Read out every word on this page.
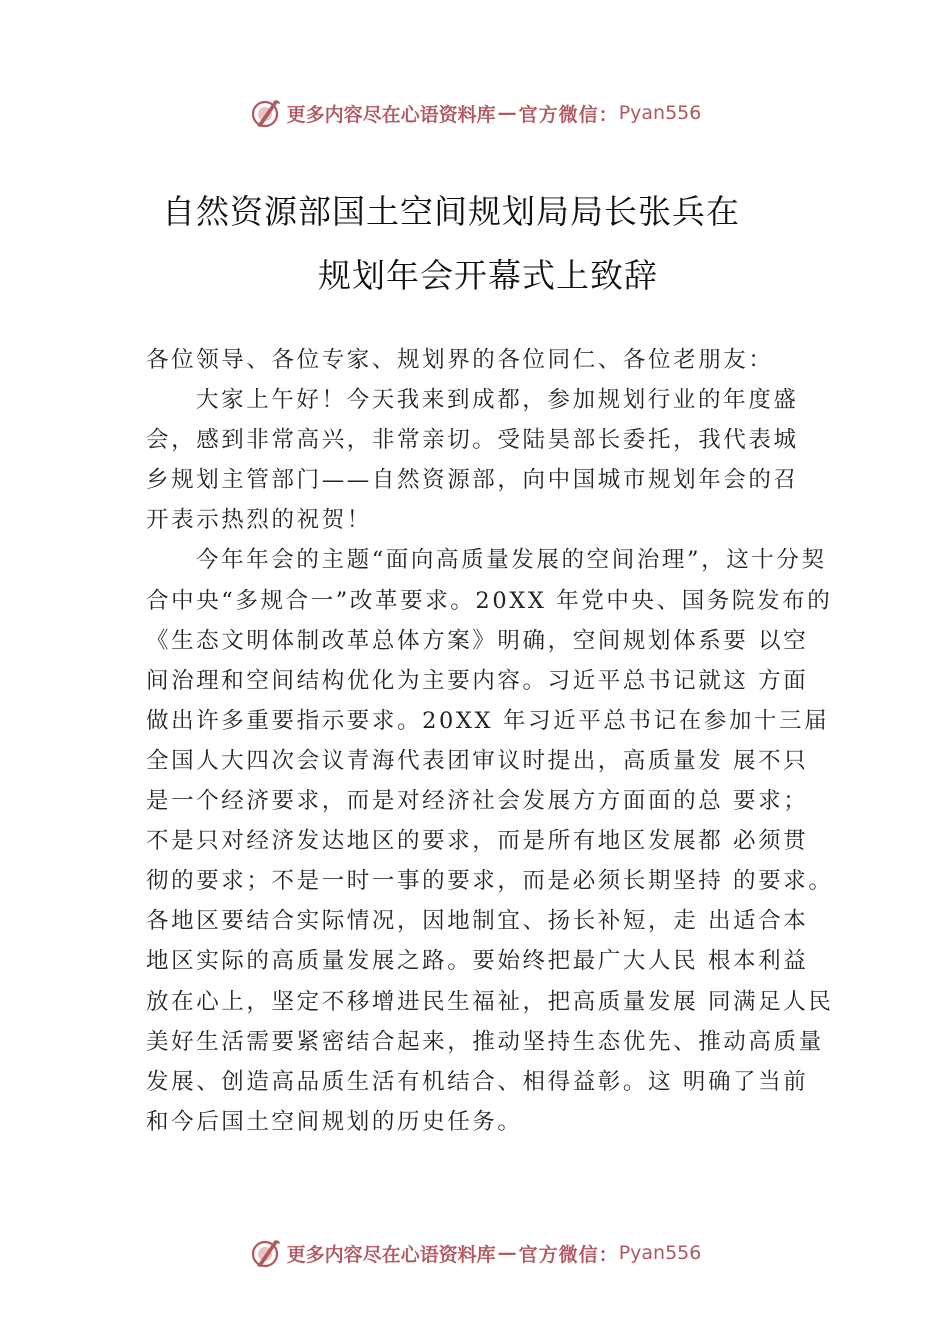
更多内容尽在心语资料库 — 官方微信： Pyan556
自然资源部国土空间规划局局长张兵在
规划年会开幕式上致辞

各位领导、各位专家、规划界的各位同仁、各位老朋友：

大家上午好！今天我来到成都，参加规划行业的年度盛

会，感到非常高兴，非常亲切。受陆昊部长委托，我代表城

乡规划主管部门——自然资源部，向中国城市规划年会的召

开表示热烈的祝贺！

今年年会的主题“面向高质量发展的空间治理”，这十分契

合中央“多规合一”改革要求。20XX 年党中央、国务院发布的

《生态文明体制改革总体方案》明确，空间规划体系要 以空

间治理和空间结构优化为主要内容。习近平总书记就这 方面

做出许多重要指示要求。20XX 年习近平总书记在参加十三届

全国人大四次会议青海代表团审议时提出，高质量发 展不只

是一个经济要求，而是对经济社会发展方方面面的总 要求；

不是只对经济发达地区的要求，而是所有地区发展都 必须贯

彻的要求；不是一时一事的要求，而是必须长期坚持 的要求。

各地区要结合实际情况，因地制宜、扬长补短，走 出适合本

地区实际的高质量发展之路。要始终把最广大人民 根本利益

放在心上，坚定不移增进民生福祉，把高质量发展 同满足人民

美好生活需要紧密结合起来，推动坚持生态优先、推动高质量

发展、创造高品质生活有机结合、相得益彰。这 明确了当前

和今后国土空间规划的历史任务。

更多内容尽在心语资料库 — 官方微信： Pyan556
